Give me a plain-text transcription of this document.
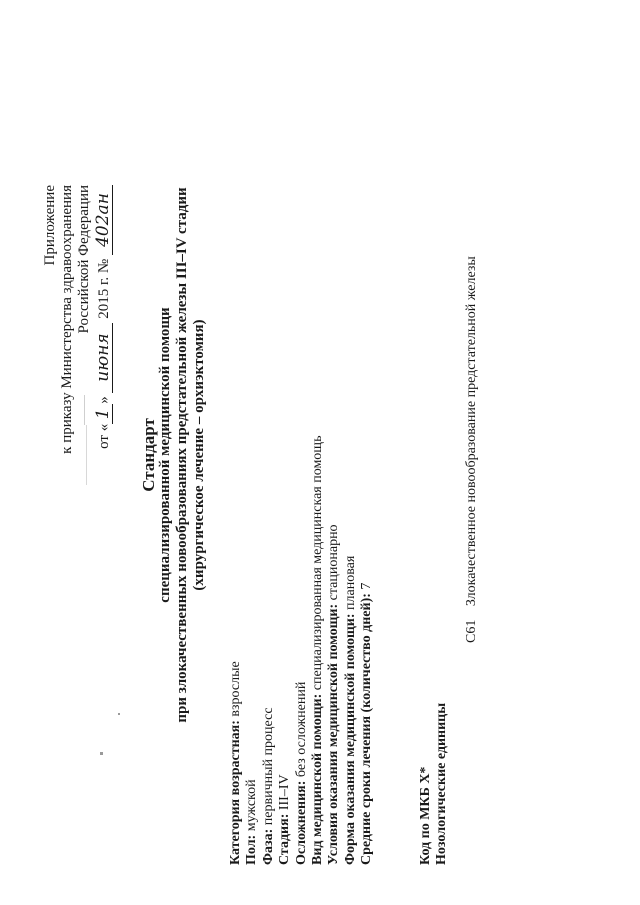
Приложение к приказу Министерства здравоохранения Российской Федерации
от «1» июня 2015 г. № 402ан
Стандарт специализированной медицинской помощи при злокачественных новообразованиях предстательной железы III–IV стадии (хирургическое лечение – орхиэктомия)
Категория возрастная: взрослые
Пол: мужской
Фаза: первичный процесс
Стадия: III–IV Осложнения: без осложнений Вид медицинской помощи: специализированная медицинская помощь
Условия оказания медицинской помощи: стационарно
Форма оказания медицинской помощи: плановая
Средние сроки лечения (количество дней): 7
Код по МКБ X* Нозологические единицы
C61 Злокачественное новообразование предстательной железы
